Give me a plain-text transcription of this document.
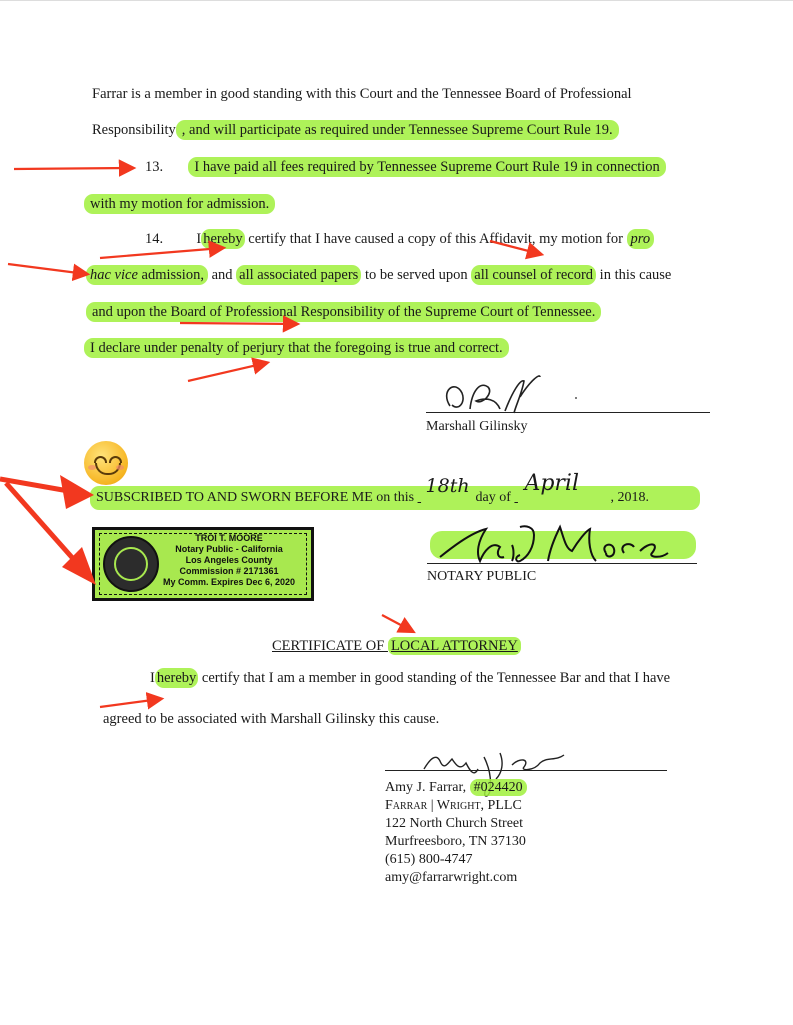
Farrar is a member in good standing with this Court and the Tennessee Board of Professional
Responsibility , and will participate as required under Tennessee Supreme Court Rule 19.
13. I have paid all fees required by Tennessee Supreme Court Rule 19 in connection
with my motion for admission.
14. I hereby certify that I have caused a copy of this Affidavit, my motion for pro
hac vice admission, and all associated papers to be served upon all counsel of record in this cause
and upon the Board of Professional Responsibility of the Supreme Court of Tennessee.
I declare under penalty of perjury that the foregoing is true and correct.
Marshall Gilinsky
SUBSCRIBED TO AND SWORN BEFORE ME on this
18th
day of
April
, 2018.
NOTARY PUBLIC
TROI T. MOORE
Notary Public - California
Los Angeles County
Commission # 2171361
My Comm. Expires Dec 6, 2020
CERTIFICATE OF LOCAL ATTORNEY
I hereby certify that I am a member in good standing of the Tennessee Bar and that I have
agreed to be associated with Marshall Gilinsky this cause.
Amy J. Farrar, #024420
Farrar | Wright, PLLC
122 North Church Street
Murfreesboro, TN 37130
(615) 800-4747
amy@farrarwright.com
